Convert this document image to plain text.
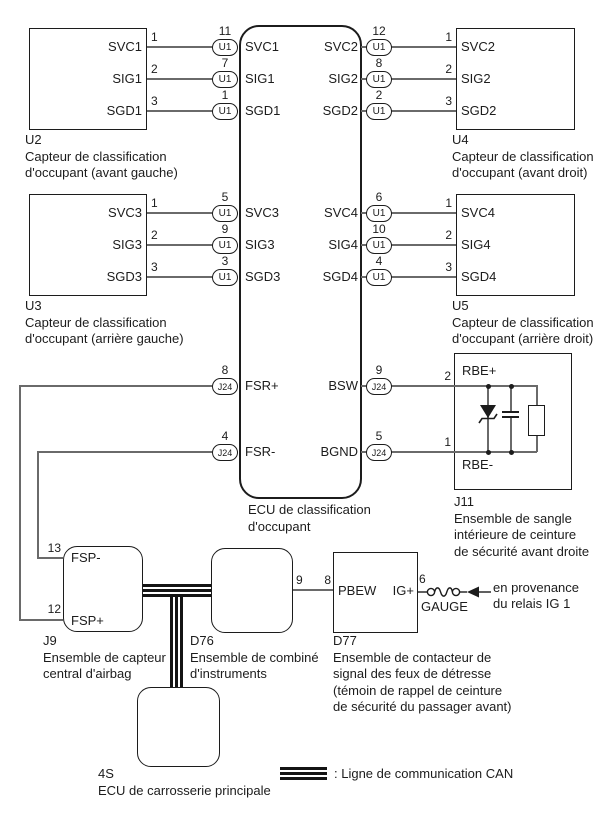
U1
U1
U1
U1
U1
U1
J24
J24
11
7
1
5
9
3
8
4
U1
U1
U1
U1
U1
U1
J24
J24
12
8
2
6
10
4
9
5
SVC1
SIG1
SGD1
SVC3
SIG3
SGD3
FSR+
FSR-
SVC2
SIG2
SGD2
SVC4
SIG4
SGD4
BSW
BGND
SVC1
SIG1
SGD1
SVC3
SIG3
SGD3
SVC2
SIG2
SGD2
SVC4
SIG4
SGD4
1
2
3
1
2
3
1
2
3
1
2
3
2
1
RBE+
RBE-
J11
Ensemble de sangle
intérieure de ceinture
de sécurité avant droite
13
12
FSP-
FSP+
J9
Ensemble de capteur
central d'airbag
9	8	6
PBEW	IG+
GAUGE
D76
Ensemble de combiné
d'instruments
D77
Ensemble de contacteur de
signal des feux de détresse
(témoin de rappel de ceinture
de sécurité du passager avant)
en provenance
du relais IG 1
U2
Capteur de classification
d'occupant (avant gauche)
U4
Capteur de classification
d'occupant (avant droit)
U3
Capteur de classification
d'occupant (arrière gauche)
U5
Capteur de classification
d'occupant (arrière droit)
ECU de classification
d'occupant
4S
ECU de carrosserie principale
: Ligne de communication CAN
